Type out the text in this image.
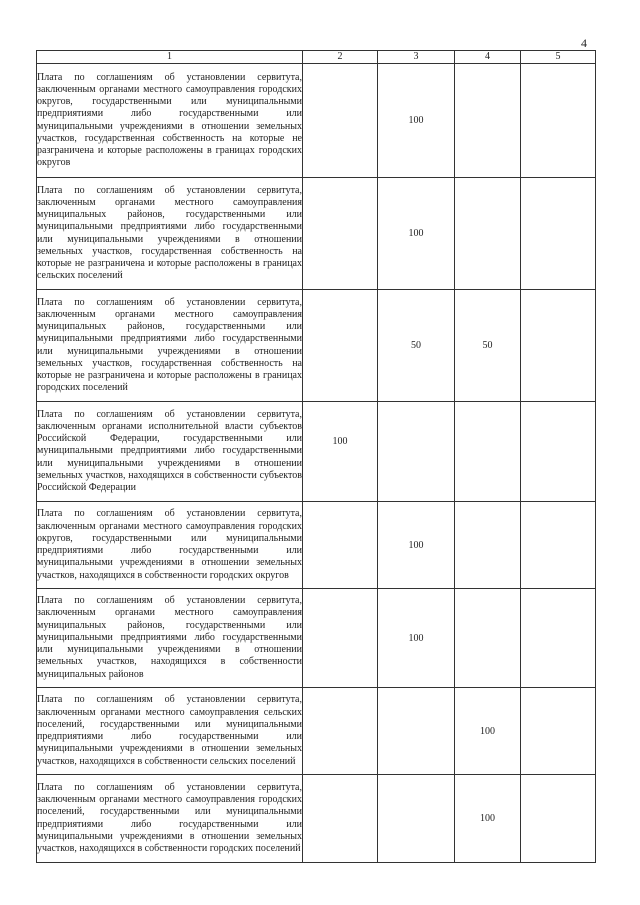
4
1	2	3	4	5
Плата по соглашениям об установлении сервитута, заключенным органами местного самоуправления городских округов, государственными или муниципальными предприятиями либо государственными или муниципальными учреждениями в отношении земельных участков, государственная собственность на которые не разграничена и которые расположены в границах городских округов		100		
Плата по соглашениям об установлении сервитута, заключенным органами местного самоуправления муниципальных районов, государственными или муниципальными предприятиями либо государственными или муниципальными учреждениями в отношении земельных участков, государственная собственность на которые не разграничена и которые расположены в границах сельских поселений		100		
Плата по соглашениям об установлении сервитута, заключенным органами местного самоуправления муниципальных районов, государственными или муниципальными предприятиями либо государственными или муниципальными учреждениями в отношении земельных участков, государственная собственность на которые не разграничена и которые расположены в границах городских поселений		50	50	
Плата по соглашениям об установлении сервитута, заключенным органами исполнительной власти субъектов Российской Федерации, государственными или муниципальными предприятиями либо государственными или муниципальными учреждениями в отношении земельных участков, находящихся в собственности субъектов Российской Федерации	100			
Плата по соглашениям об установлении сервитута, заключенным органами местного самоуправления городских округов, государственными или муниципальными предприятиями либо государственными или муниципальными учреждениями в отношении земельных участков, находящихся в собственности городских округов		100		
Плата по соглашениям об установлении сервитута, заключенным органами местного самоуправления муниципальных районов, государственными или муниципальными предприятиями либо государственными или муниципальными учреждениями в отношении земельных участков, находящихся в собственности муниципальных районов		100		
Плата по соглашениям об установлении сервитута, заключенным органами местного самоуправления сельских поселений, государственными или муниципальными предприятиями либо государственными или муниципальными учреждениями в отношении земельных участков, находящихся в собственности сельских поселений			100	
Плата по соглашениям об установлении сервитута, заключенным органами местного самоуправления городских поселений, государственными или муниципальными предприятиями либо государственными или муниципальными учреждениями в отношении земельных участков, находящихся в собственности городских поселений			100	
